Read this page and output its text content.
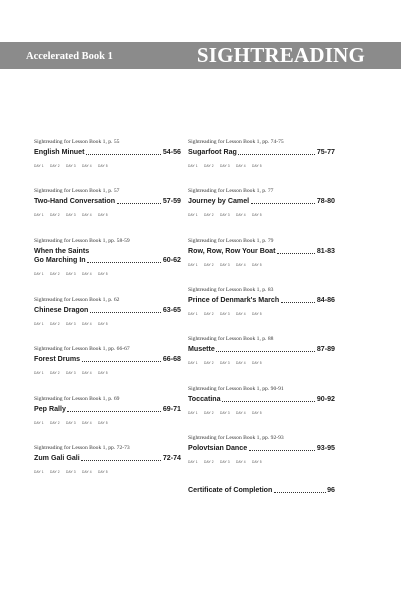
Accelerated Book 1	SIGHTREADING
Sightreading for Lesson Book 1, p. 55
English Minuet	54-56
DAY 1	DAY 2	DAY 3	DAY 4	DAY 5
Sightreading for Lesson Book 1, p. 57
Two-Hand Conversation	57-59
DAY 1	DAY 2	DAY 3	DAY 4	DAY 5
Sightreading for Lesson Book 1, pp. 58-59
When the Saints
Go Marching In	60-62
DAY 1	DAY 2	DAY 3	DAY 4	DAY 5
Sightreading for Lesson Book 1, p. 62
Chinese Dragon	63-65
DAY 1	DAY 2	DAY 3	DAY 4	DAY 5
Sightreading for Lesson Book 1, pp. 66-67
Forest Drums	66-68
DAY 1	DAY 2	DAY 3	DAY 4	DAY 5
Sightreading for Lesson Book 1, p. 69
Pep Rally	69-71
DAY 1	DAY 2	DAY 3	DAY 4	DAY 5
Sightreading for Lesson Book 1, pp. 72-73
Zum Gali Gali	72-74
DAY 1	DAY 2	DAY 3	DAY 4	DAY 5
Sightreading for Lesson Book 1, pp. 74-75
Sugarfoot Rag	75-77
DAY 1	DAY 2	DAY 3	DAY 4	DAY 5
Sightreading for Lesson Book 1, p. 77
Journey by Camel	78-80
DAY 1	DAY 2	DAY 3	DAY 4	DAY 5
Sightreading for Lesson Book 1, p. 79
Row, Row, Row Your Boat	81-83
DAY 1	DAY 2	DAY 3	DAY 4	DAY 5
Sightreading for Lesson Book 1, p. 83
Prince of Denmark's March	84-86
DAY 1	DAY 2	DAY 3	DAY 4	DAY 5
Sightreading for Lesson Book 1, p. 88
Musette	87-89
DAY 1	DAY 2	DAY 3	DAY 4	DAY 5
Sightreading for Lesson Book 1, pp. 90-91
Toccatina	90-92
DAY 1	DAY 2	DAY 3	DAY 4	DAY 5
Sightreading for Lesson Book 1, pp. 92-93
Polovtsian Dance	93-95
DAY 1	DAY 2	DAY 3	DAY 4	DAY 5
Certificate of Completion	96
